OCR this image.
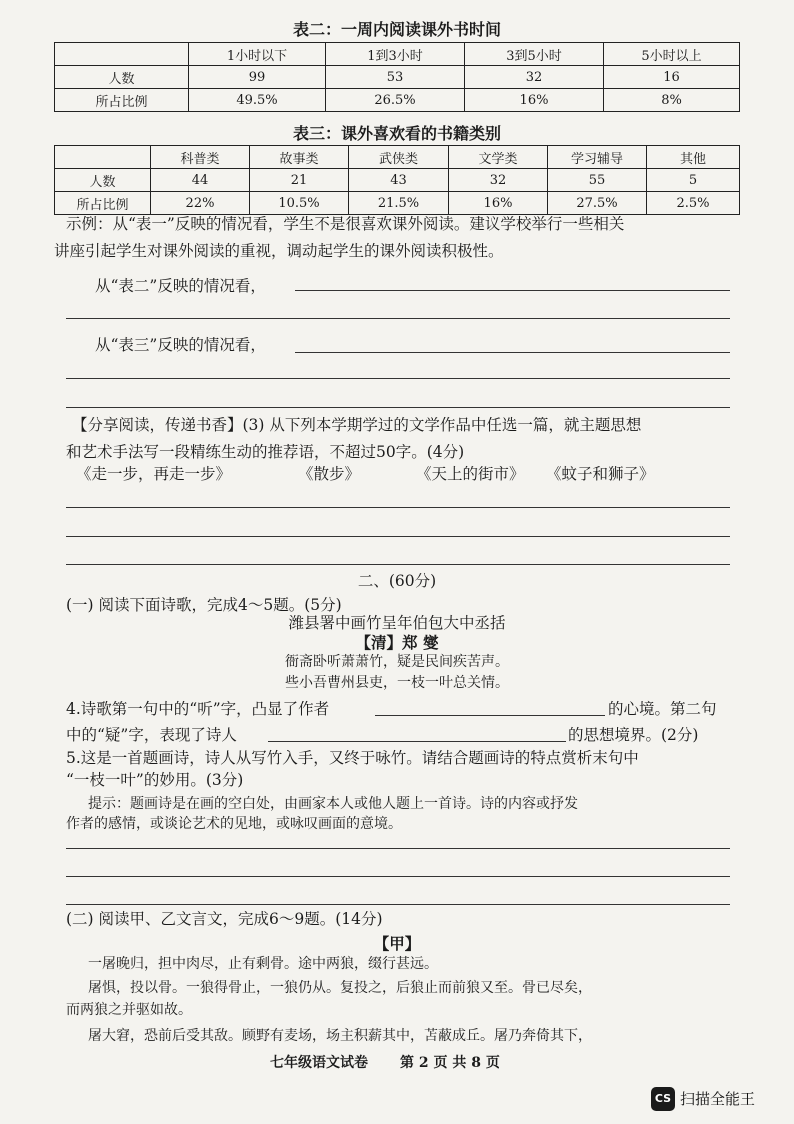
表二：一周内阅读课外书时间
	1小时以下	1到3小时	3到5小时	5小时以上
人数	99	53	32	16
所占比例	49.5%	26.5%	16%	8%
表三：课外喜欢看的书籍类别
	科普类	故事类	武侠类	文学类	学习辅导	其他
人数	44	21	43	32	55	5
所占比例	22%	10.5%	21.5%	16%	27.5%	2.5%
示例：从“表一”反映的情况看，学生不是很喜欢课外阅读。建议学校举行一些相关
讲座引起学生对课外阅读的重视，调动起学生的课外阅读积极性。
从“表二”反映的情况看，
从“表三”反映的情况看，
【分享阅读，传递书香】(3) 从下列本学期学过的文学作品中任选一篇，就主题思想
和艺术手法写一段精练生动的推荐语，不超过50字。(4分)
《走一步，再走一步》	《散步》	《天上的街市》 《蚊子和狮子》
二、(60分)
(一) 阅读下面诗歌，完成4～5题。(5分)
潍县署中画竹呈年伯包大中丞括
【清】郑 燮
衙斋卧听萧萧竹，疑是民间疾苦声。
些小吾曹州县吏，一枝一叶总关情。
4.诗歌第一句中的“听”字，凸显了作者	的心境。第二句
中的“疑”字，表现了诗人	的思想境界。(2分)
5.这是一首题画诗，诗人从写竹入手，又终于咏竹。请结合题画诗的特点赏析末句中
“一枝一叶”的妙用。(3分)
提示：题画诗是在画的空白处，由画家本人或他人题上一首诗。诗的内容或抒发
作者的感情，或谈论艺术的见地，或咏叹画面的意境。
(二) 阅读甲、乙文言文，完成6～9题。(14分)
【甲】
一屠晚归，担中肉尽，止有剩骨。途中两狼，缀行甚远。
屠惧，投以骨。一狼得骨止，一狼仍从。复投之，后狼止而前狼又至。骨已尽矣，
而两狼之并驱如故。
屠大窘，恐前后受其敌。顾野有麦场，场主积薪其中，苫蔽成丘。屠乃奔倚其下，
七年级语文试卷 第 2 页 共 8 页
CS 扫描全能王
